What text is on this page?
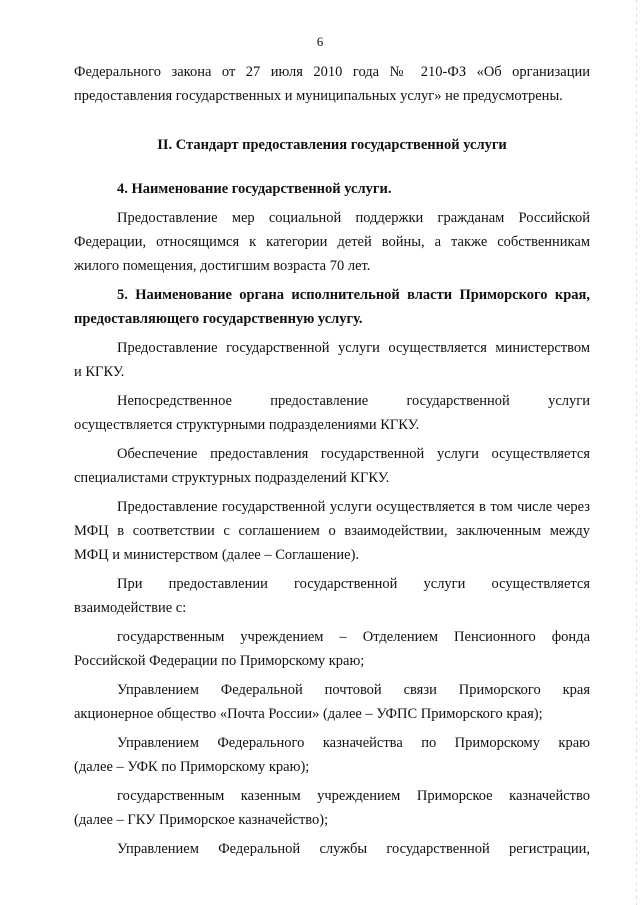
6
Федерального закона от 27 июля 2010 года № 210-ФЗ «Об организации
предоставления государственных и муниципальных услуг» не предусмотрены.
II. Стандарт предоставления государственной услуги
4. Наименование государственной услуги.
Предоставление мер социальной поддержки гражданам Российской
Федерации, относящимся к категории детей войны, а также собственникам
жилого помещения, достигшим возраста 70 лет.
5. Наименование органа исполнительной власти Приморского края,
предоставляющего государственную услугу.
Предоставление государственной услуги осуществляется министерством
и КГКУ.
Непосредственное предоставление государственной услуги
осуществляется структурными подразделениями КГКУ.
Обеспечение предоставления государственной услуги осуществляется
специалистами структурных подразделений КГКУ.
Предоставление государственной услуги осуществляется в том числе через
МФЦ в соответствии с соглашением о взаимодействии, заключенным между
МФЦ и министерством (далее – Соглашение).
При предоставлении государственной услуги осуществляется
взаимодействие с:
государственным учреждением – Отделением Пенсионного фонда
Российской Федерации по Приморскому краю;
Управлением Федеральной почтовой связи Приморского края
акционерное общество «Почта России» (далее – УФПС Приморского края);
Управлением Федерального казначейства по Приморскому краю
(далее – УФК по Приморскому краю);
государственным казенным учреждением Приморское казначейство
(далее – ГКУ Приморское казначейство);
Управлением Федеральной службы государственной регистрации,
